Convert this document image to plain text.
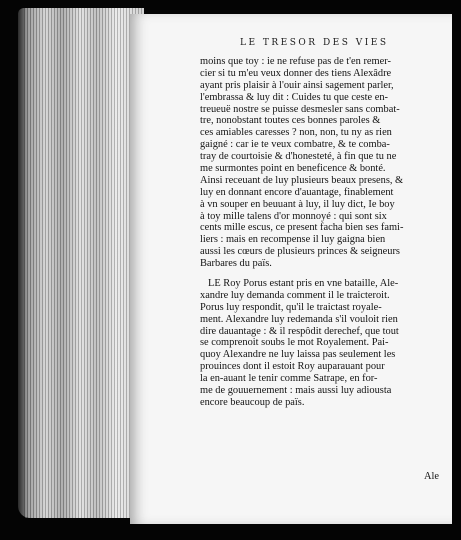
LE TRESOR DES VIES
moins que toy : ie ne refuse pas de t'en remer-
cier si tu m'eu veux donner des tiens Alexâdre
ayant pris plaisir à l'ouir ainsi sagement parler,
l'embrassa & luy dit : Cuides tu que ceste en-
treueuë nostre se puisse desmesler sans combat-
tre, nonobstant toutes ces bonnes paroles &
ces amiables caresses ? non, non, tu ny as rien
gaigné : car ie te veux combatre, & te comba-
tray de courtoisie & d'honesteté, à fin que tu ne
me surmontes point en beneficence & bonté.
Ainsi receuant de luy plusieurs beaux presens, &
luy en donnant encore d'auantage, finablement
à vn souper en beuuant à luy, il luy dict, Ie boy
à toy mille talens d'or monnoyé : qui sont six
cents mille escus, ce present facha bien ses fami-
liers : mais en recompense il luy gaigna bien
aussi les cœurs de plusieurs princes & seigneurs
Barbares du païs.
LE Roy Porus estant pris en vne bataille, Ale-
xandre luy demanda comment il le traicteroit.
Porus luy respondit, qu'il le traictast royale-
ment. Alexandre luy redemanda s'il vouloit rien
dire dauantage : & il respôdit derechef, que tout
se comprenoit soubs le mot Royalement. Pai-
quoy Alexandre ne luy laissa pas seulement les
prouinces dont il estoit Roy auparauant pour
la en-auant le tenir comme Satrape, en for-
me de gouuernement : mais aussi luy adiousta
encore beaucoup de païs.
Ale
